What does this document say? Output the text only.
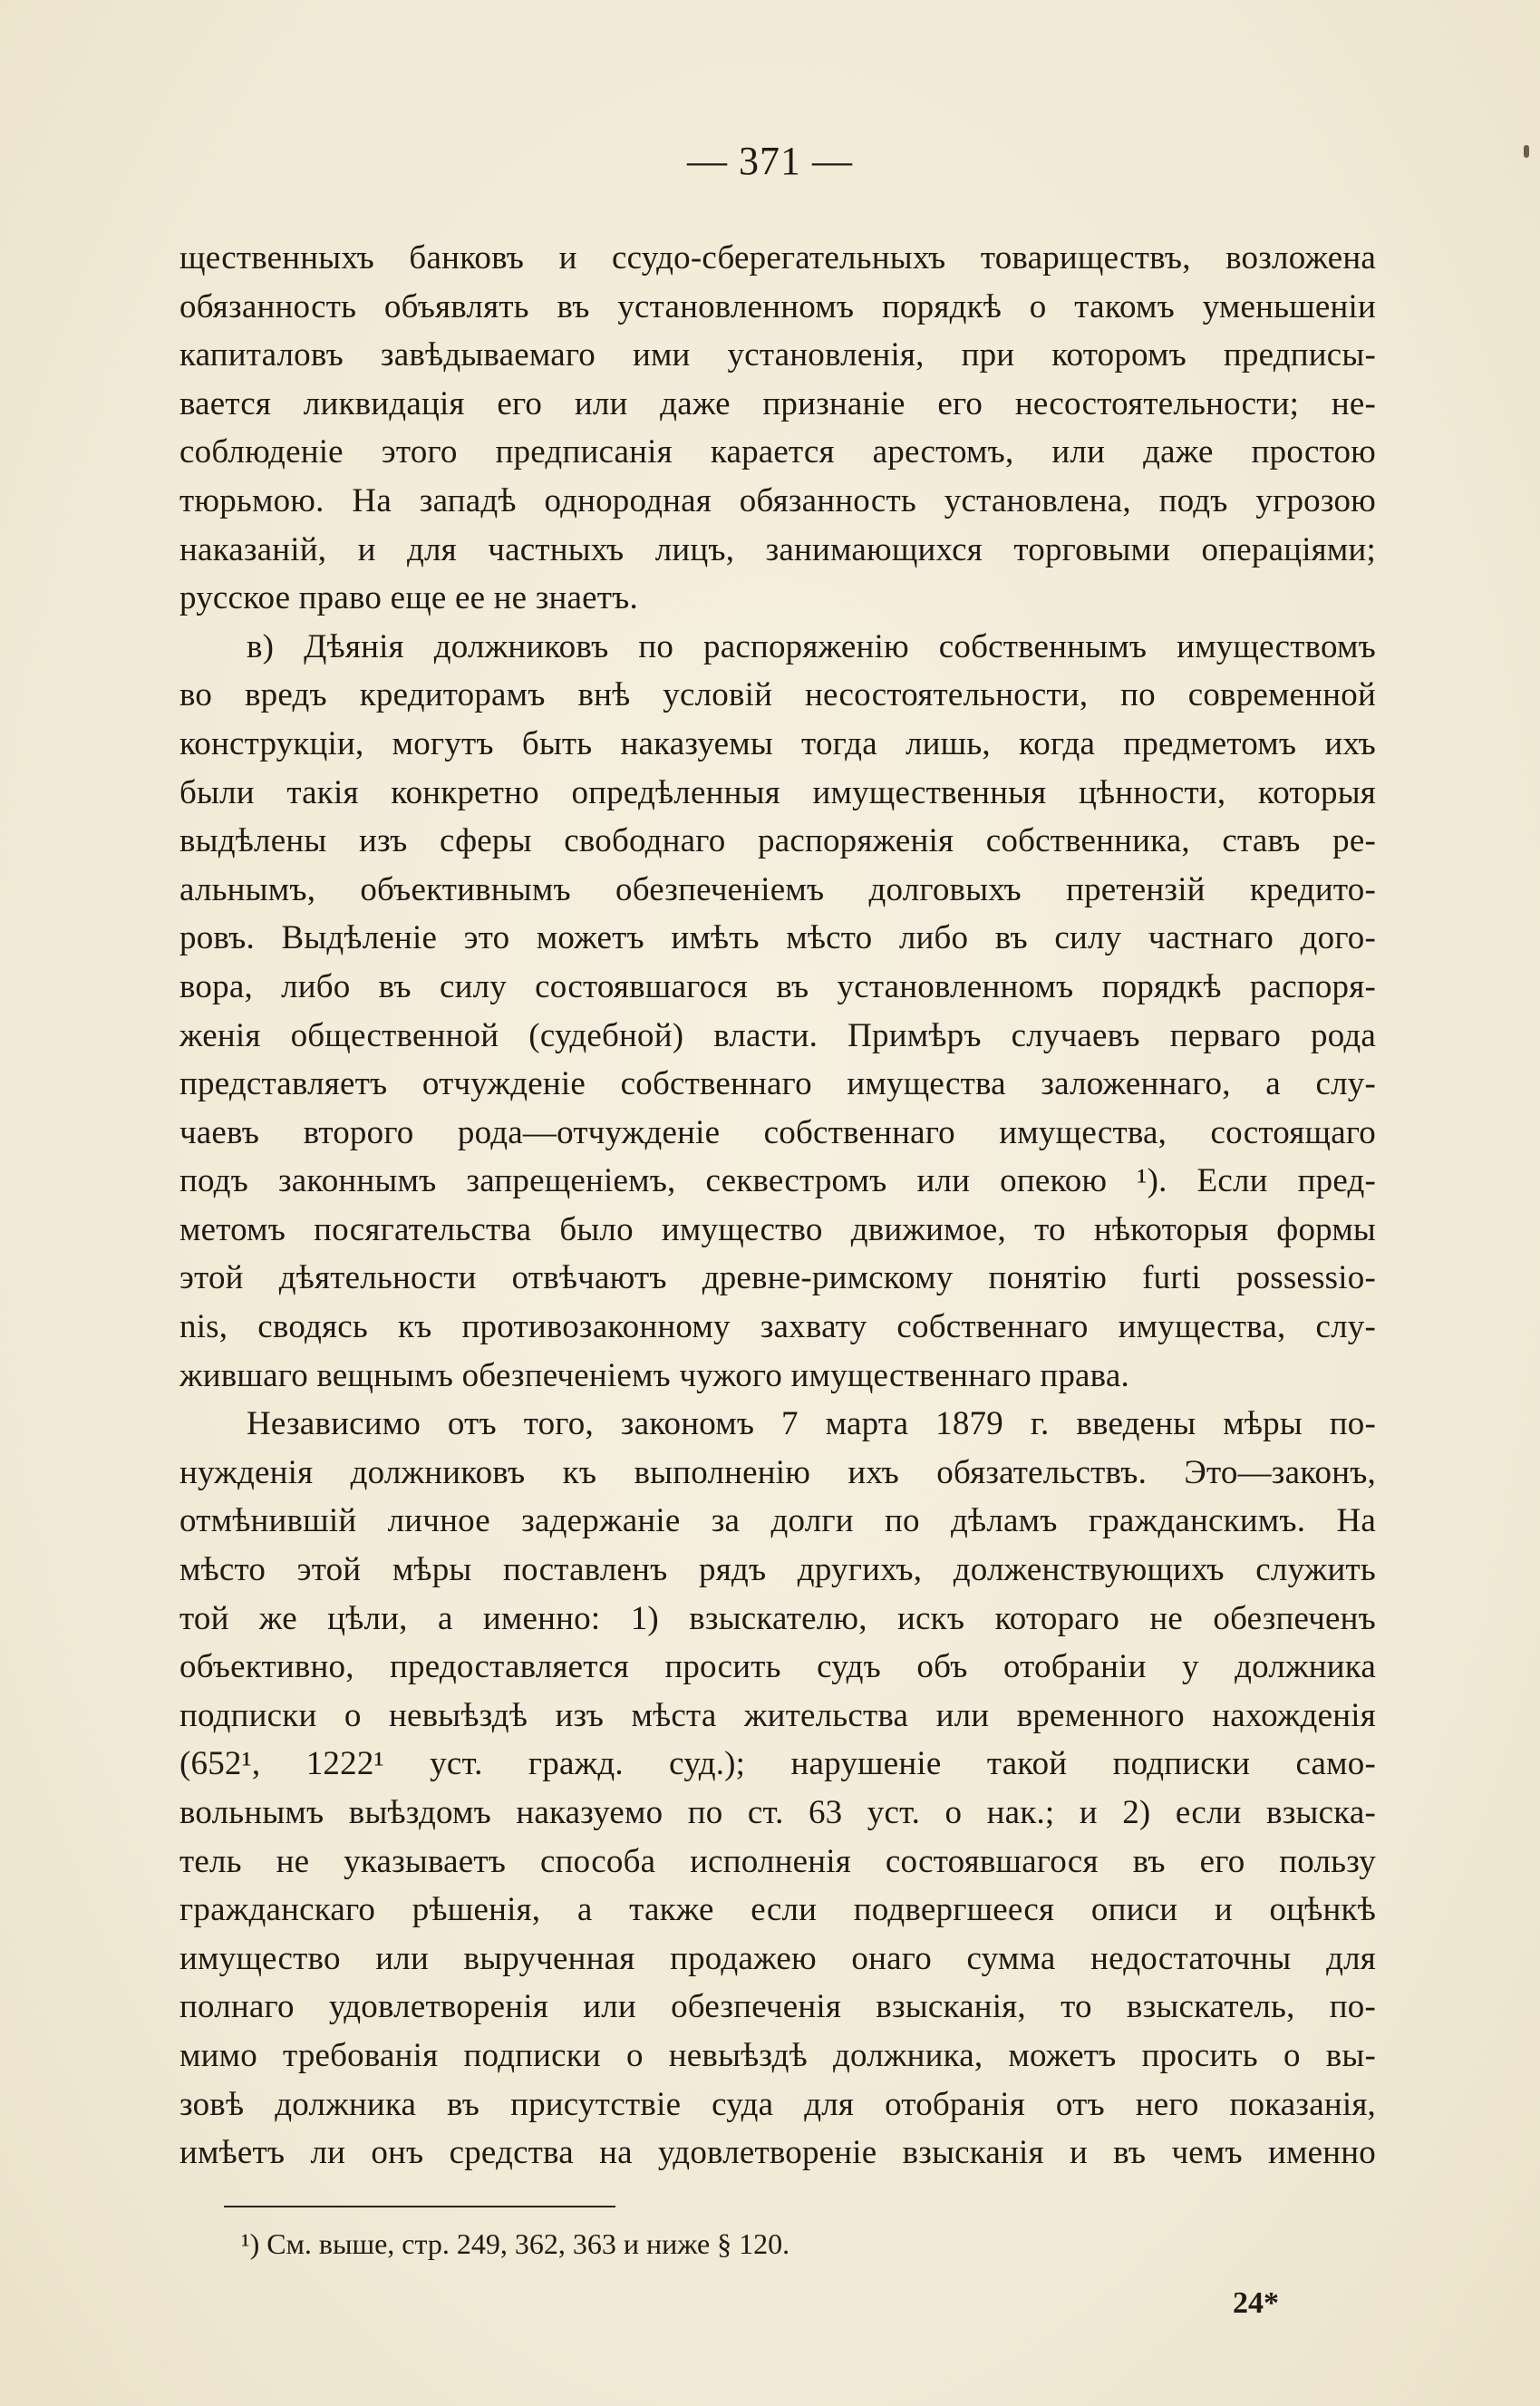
— 371 —
щественныхъ банковъ и ссудо-сберегательныхъ товариществъ, возложена
обязанность объявлять въ установленномъ порядкѣ о такомъ уменьшеніи
капиталовъ завѣдываемаго ими установленія, при которомъ предписы-
вается ликвидація его или даже признаніе его несостоятельности; не-
соблюденіе этого предписанія карается арестомъ, или даже простою
тюрьмою. На западѣ однородная обязанность установлена, подъ угрозою
наказаній, и для частныхъ лицъ, занимающихся торговыми операціями;
русское право еще ее не знаетъ.
в) Дѣянія должниковъ по распоряженію собственнымъ имуществомъ
во вредъ кредиторамъ внѣ условій несостоятельности, по современной
конструкціи, могутъ быть наказуемы тогда лишь, когда предметомъ ихъ
были такія конкретно опредѣленныя имущественныя цѣнности, которыя
выдѣлены изъ сферы свободнаго распоряженія собственника, ставъ ре-
альнымъ, объективнымъ обезпеченіемъ долговыхъ претензій кредито-
ровъ. Выдѣленіе это можетъ имѣть мѣсто либо въ силу частнаго дого-
вора, либо въ силу состоявшагося въ установленномъ порядкѣ распоря-
женія общественной (судебной) власти. Примѣръ случаевъ перваго рода
представляетъ отчужденіе собственнаго имущества заложеннаго, а слу-
чаевъ второго рода—отчужденіе собственнаго имущества, состоящаго
подъ законнымъ запрещеніемъ, секвестромъ или опекою ¹). Если пред-
метомъ посягательства было имущество движимое, то нѣкоторыя формы
этой дѣятельности отвѣчаютъ древне-римскому понятію furti possessio-
nis, сводясь къ противозаконному захвату собственнаго имущества, слу-
жившаго вещнымъ обезпеченіемъ чужого имущественнаго права.
Независимо отъ того, закономъ 7 марта 1879 г. введены мѣры по-
нужденія должниковъ къ выполненію ихъ обязательствъ. Это—законъ,
отмѣнившій личное задержаніе за долги по дѣламъ гражданскимъ. На
мѣсто этой мѣры поставленъ рядъ другихъ, долженствующихъ служить
той же цѣли, а именно: 1) взыскателю, искъ котораго не обезпеченъ
объективно, предоставляется просить судъ объ отобраніи у должника
подписки о невыѣздѣ изъ мѣста жительства или временного нахожденія
(652¹, 1222¹ уст. гражд. суд.); нарушеніе такой подписки само-
вольнымъ выѣздомъ наказуемо по ст. 63 уст. о нак.; и 2) если взыска-
тель не указываетъ способа исполненія состоявшагося въ его пользу
гражданскаго рѣшенія, а также если подвергшееся описи и оцѣнкѣ
имущество или вырученная продажею онаго сумма недостаточны для
полнаго удовлетворенія или обезпеченія взысканія, то взыскатель, по-
мимо требованія подписки о невыѣздѣ должника, можетъ просить о вы-
зовѣ должника въ присутствіе суда для отобранія отъ него показанія,
имѣетъ ли онъ средства на удовлетвореніе взысканія и въ чемъ именно
¹) См. выше, стр. 249, 362, 363 и ниже § 120.
24*
